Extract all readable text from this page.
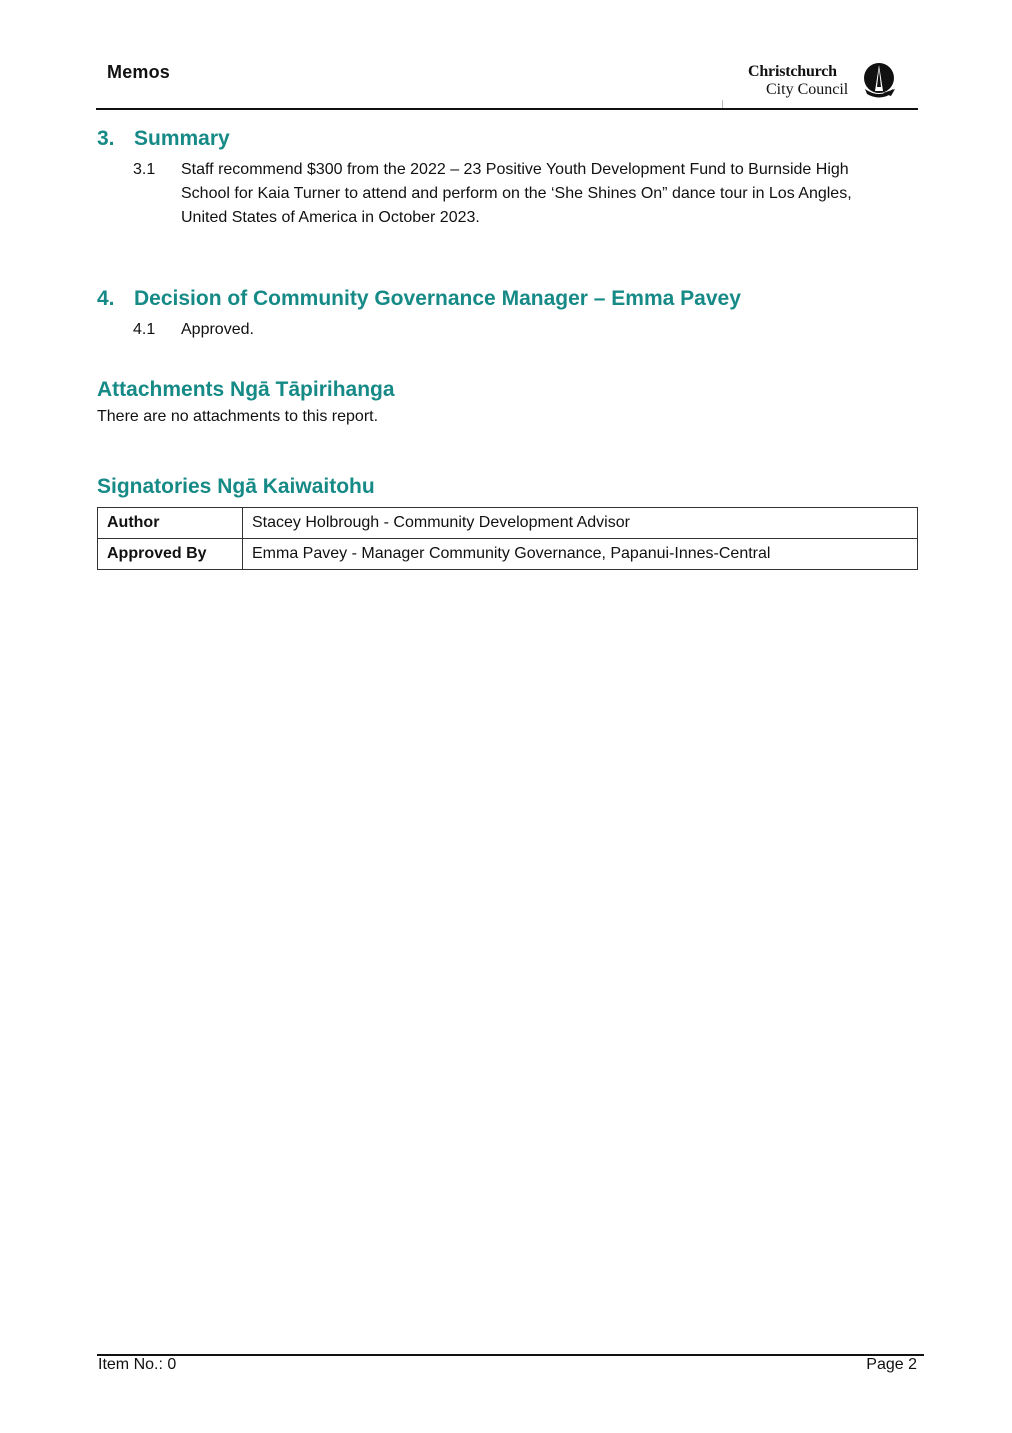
Memos	Christchurch
City Council
3. Summary
3.1 Staff recommend $300 from the 2022 – 23 Positive Youth Development Fund to Burnside High
School for Kaia Turner to attend and perform on the ‘She Shines On” dance tour in Los Angles,
United States of America in October 2023.
4. Decision of Community Governance Manager – Emma Pavey
4.1 Approved.
Attachments Ngā Tāpirihanga
There are no attachments to this report.
Signatories Ngā Kaiwaitohu
Author	Stacey Holbrough - Community Development Advisor
Approved By	Emma Pavey - Manager Community Governance, Papanui-Innes-Central
Item No.: 0	Page 2
